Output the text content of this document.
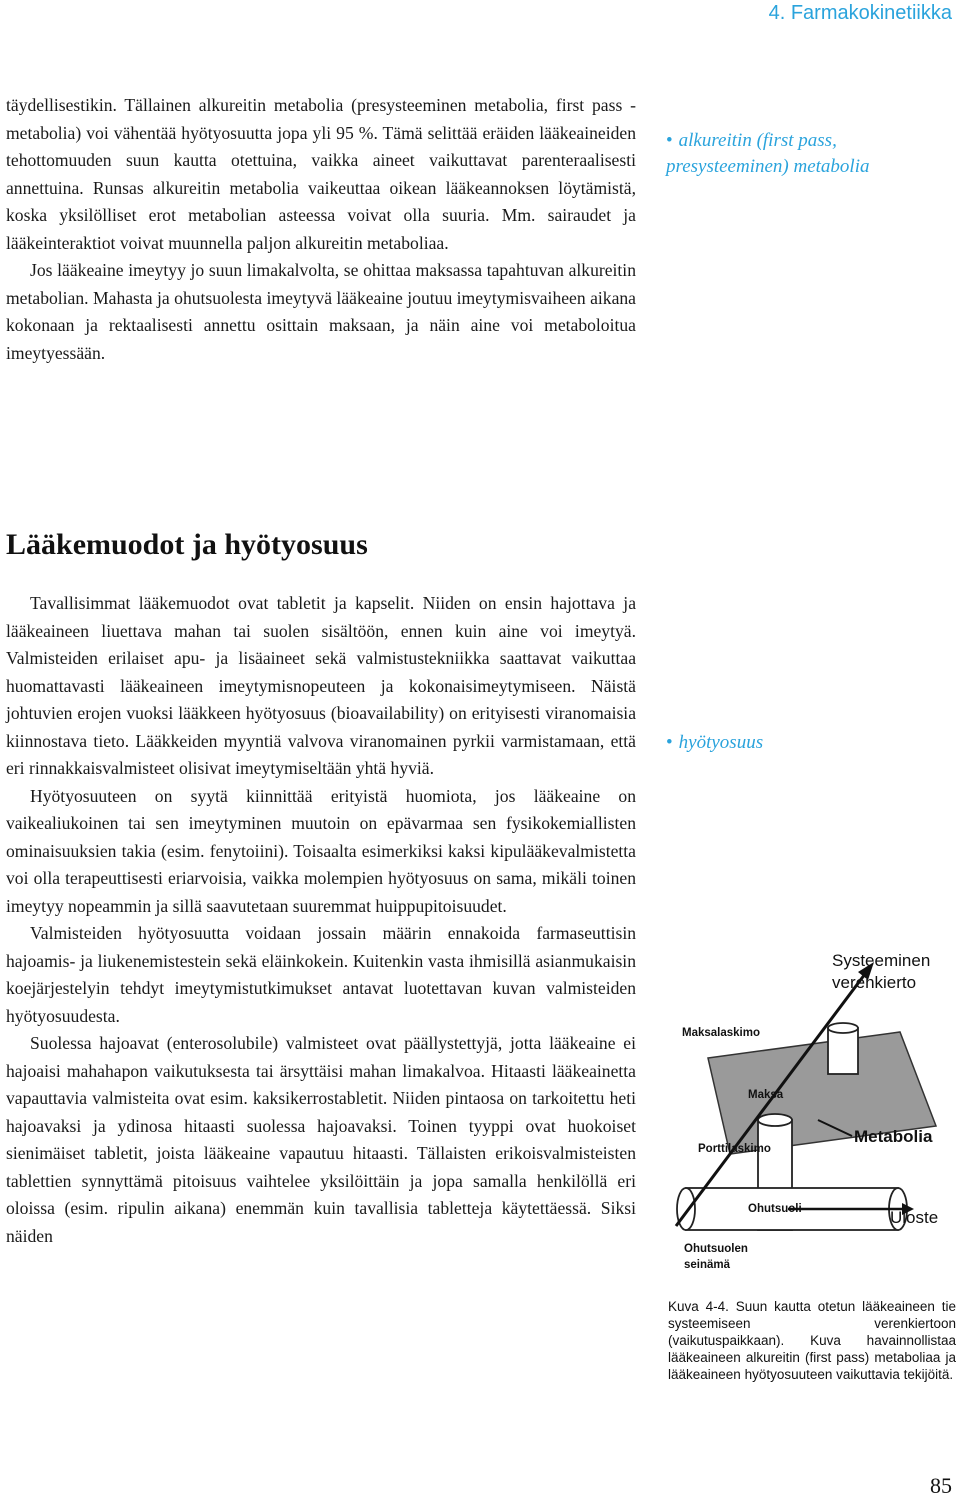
4. Farmakokinetiikka

täydellisestikin. Tällainen alkureitin metabolia (presysteeminen metabolia, first pass -metabolia) voi vähentää hyötyosuutta jopa yli 95 %. Tämä selittää eräiden lääkeaineiden tehottomuuden suun kautta otettuina, vaikka aineet vaikuttavat parenteraalisesti annettuina. Runsas alkureitin metabolia vaikeuttaa oikean lääkeannoksen löytämistä, koska yksilölliset erot metabolian asteessa voivat olla suuria. Mm. sairaudet ja lääkeinteraktiot voivat muunnella paljon alkureitin metaboliaa.

Jos lääkeaine imeytyy jo suun limakalvolta, se ohittaa maksassa tapahtuvan alkureitin metabolian. Mahasta ja ohutsuolesta imeytyvä lääkeaine joutuu imeytymisvaiheen aikana kokonaan ja rektaalisesti annettu osittain maksaan, ja näin aine voi metaboloitua imeytyessään.

• alkureitin (first pass, presysteeminen) metabolia
Lääkemuodot ja hyötyosuus

Tavallisimmat lääkemuodot ovat tabletit ja kapselit. Niiden on ensin hajottava ja lääkeaineen liuettava mahan tai suolen sisältöön, ennen kuin aine voi imeytyä. Valmisteiden erilaiset apu- ja lisäaineet sekä valmistustekniikka saattavat vaikuttaa huomattavasti lääkeaineen imeytymisnopeuteen ja kokonaisimeytymiseen. Näistä johtuvien erojen vuoksi lääkkeen hyötyosuus (bioavailability) on erityisesti viranomaisia kiinnostava tieto. Lääkkeiden myyntiä valvova viranomainen pyrkii varmistamaan, että eri rinnakkaisvalmisteet olisivat imeytymiseltään yhtä hyviä.

Hyötyosuuteen on syytä kiinnittää erityistä huomiota, jos lääkeaine on vaikealiukoinen tai sen imeytyminen muutoin on epävarmaa sen fysikokemiallisten ominaisuuksien takia (esim. fenytoiini). Toisaalta esimerkiksi kaksi kipulääkevalmistetta voi olla terapeuttisesti eriarvoisia, vaikka molempien hyötyosuus on sama, mikäli toinen imeytyy nopeammin ja sillä saavutetaan suuremmat huippupitoisuudet.

Valmisteiden hyötyosuutta voidaan jossain määrin ennakoida farmaseuttisin hajoamis- ja liukenemistestein sekä eläinkokein. Kuitenkin vasta ihmisillä asianmukaisin koejärjestelyin tehdyt imeytymistutkimukset antavat luotettavan kuvan valmisteiden hyötyosuudesta.

Suolessa hajoavat (enterosolubile) valmisteet ovat päällystettyjä, jotta lääkeaine ei hajoaisi mahahapon vaikutuksesta tai ärsyttäisi mahan limakalvoa. Hitaasti lääkeainetta vapauttavia valmisteita ovat esim. kaksikerrostabletit. Niiden pintaosa on tarkoitettu heti hajoavaksi ja ydinosa hitaasti suolessa hajoavaksi. Toinen tyyppi ovat huokoiset sienimäiset tabletit, joista lääkeaine vapautuu hitaasti. Tällaisten erikoisvalmisteisten tablettien synnyttämä pitoisuus vaihtelee yksilöittäin ja jopa samalla henkilöllä eri oloissa (esim. ripulin aikana) enemmän kuin tavallisia tabletteja käytettäessä. Siksi näiden

• hyötyosuus
Systeeminen
verenkierto
Maksalaskimo
Maksa
Porttilaskimo
Metabolia
Ohutsuoli	Uloste
Ohutsuolen
seinämä
Kuva 4-4. Suun kautta otetun lääkeaineen tie systeemiseen verenkiertoon (vaikutuspaikkaan). Kuva havainnollistaa lääkeaineen alkureitin (first pass) metaboliaa ja lääkeaineen hyötyosuuteen vaikuttavia tekijöitä.
85
